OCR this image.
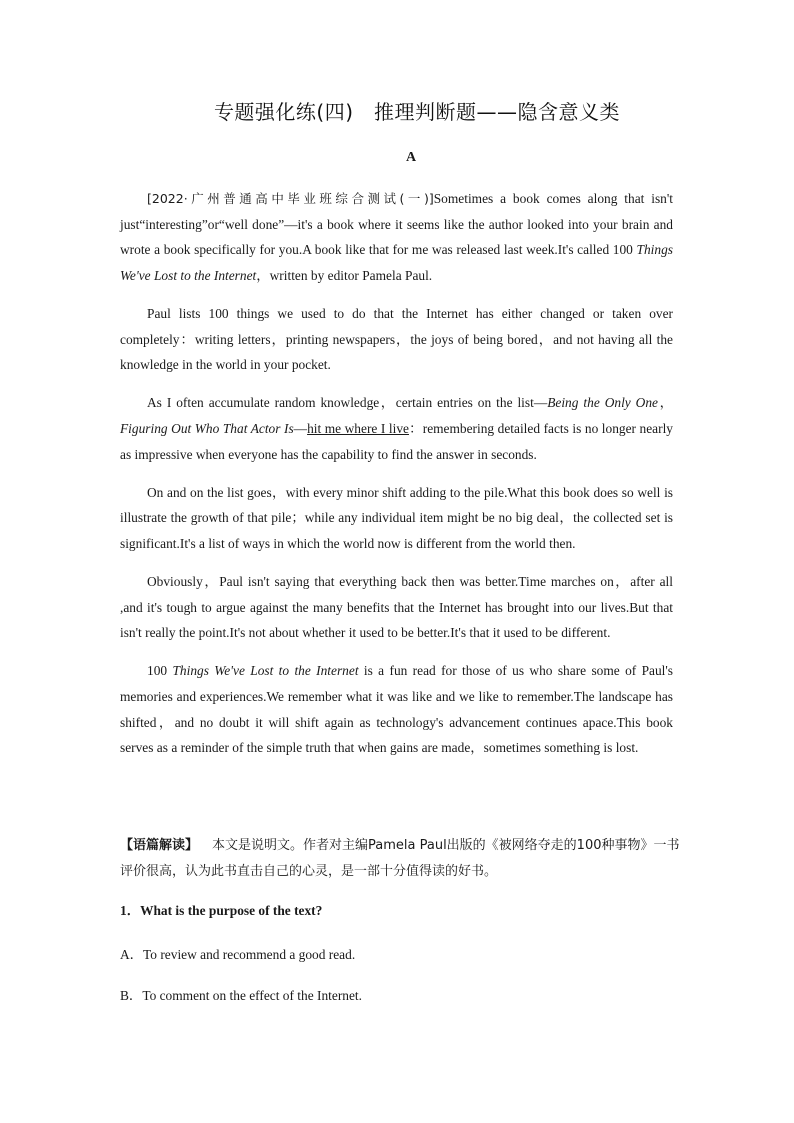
专题强化练(四)　推理判断题——隐含意义类
A

[2022·广州普通高中毕业班综合测试(一)]Sometimes a book comes along that isn't just“interesting”or“well done”—it's a book where it seems like the author looked into your brain and wrote a book specifically for you.A book like that for me was released last week.It's called 100 Things We've Lost to the Internet，written by editor Pamela Paul.

Paul lists 100 things we used to do that the Internet has either changed or taken over completely：writing letters，printing newspapers，the joys of being bored，and not having all the knowledge in the world in your pocket.

As I often accumulate random knowledge，certain entries on the list—Being the Only One，Figuring Out Who That Actor Is—hit me where I live：remembering detailed facts is no longer nearly as impressive when everyone has the capability to find the answer in seconds.

On and on the list goes，with every minor shift adding to the pile.What this book does so well is illustrate the growth of that pile；while any individual item might be no big deal，the collected set is significant.It's a list of ways in which the world now is different from the world then.

Obviously，Paul isn't saying that everything back then was better.Time marches on，after all ,and it's tough to argue against the many benefits that the Internet has brought into our lives.But that isn't really the point.It's not about whether it used to be better.It's that it used to be different.

100 Things We've Lost to the Internet is a fun read for those of us who share some of Paul's memories and experiences.We remember what it was like and we like to remember.The landscape has shifted，and no doubt it will shift again as technology's advancement continues apace.This book serves as a reminder of the simple truth that when gains are made，sometimes something is lost.

【语篇解读】 本文是说明文。作者对主编Pamela Paul出版的《被网络夺走的100种事物》一书评价很高，认为此书直击自己的心灵，是一部十分值得读的好书。
1．What is the purpose of the text?
A．To review and recommend a good read.
B．To comment on the effect of the Internet.
